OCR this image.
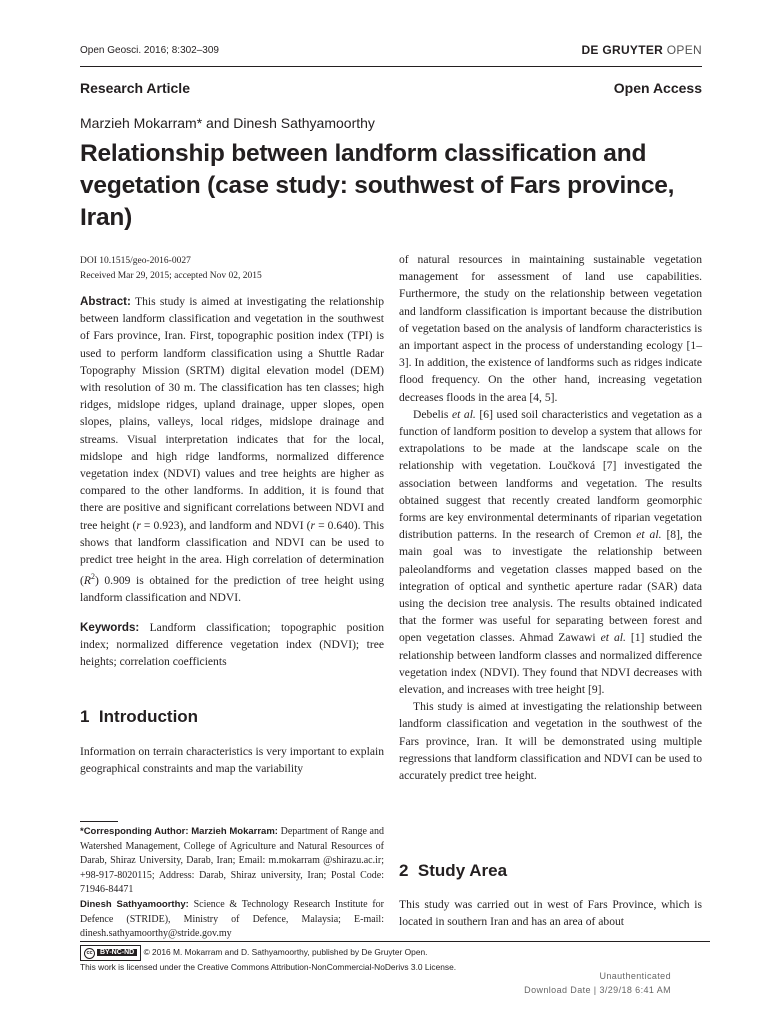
Open Geosci. 2016; 8:302–309	DE GRUYTER OPEN
Research Article	Open Access
Marzieh Mokarram* and Dinesh Sathyamoorthy
Relationship between landform classification and vegetation (case study: southwest of Fars province, Iran)
DOI 10.1515/geo-2016-0027
Received Mar 29, 2015; accepted Nov 02, 2015
Abstract: This study is aimed at investigating the relationship between landform classification and vegetation in the southwest of Fars province, Iran. First, topographic position index (TPI) is used to perform landform classification using a Shuttle Radar Topography Mission (SRTM) digital elevation model (DEM) with resolution of 30 m. The classification has ten classes; high ridges, midslope ridges, upland drainage, upper slopes, open slopes, plains, valleys, local ridges, midslope drainage and streams. Visual interpretation indicates that for the local, midslope and high ridge landforms, normalized difference vegetation index (NDVI) values and tree heights are higher as compared to the other landforms. In addition, it is found that there are positive and significant correlations between NDVI and tree height (r = 0.923), and landform and NDVI (r = 0.640). This shows that landform classification and NDVI can be used to predict tree height in the area. High correlation of determination $(R^2)$ 0.909 is obtained for the prediction of tree height using landform classification and NDVI.
Keywords: Landform classification; topographic position index; normalized difference vegetation index (NDVI); tree heights; correlation coefficients
1 Introduction
Information on terrain characteristics is very important to explain geographical constraints and map the variability
*Corresponding Author: Marzieh Mokarram: Department of Range and Watershed Management, College of Agriculture and Natural Resources of Darab, Shiraz University, Darab, Iran; Email: m.mokarram @shirazu.ac.ir; +98-917-8020115; Address: Darab, Shiraz university, Iran; Postal Code: 71946-84471
Dinesh Sathyamoorthy: Science & Technology Research Institute for Defence (STRIDE), Ministry of Defence, Malaysia; E-mail: dinesh.sathyamoorthy@stride.gov.my
cc BY-NC-ND © 2016 M. Mokarram and D. Sathyamoorthy, published by De Gruyter Open.
This work is licensed under the Creative Commons Attribution-NonCommercial-NoDerivs 3.0 License.

of natural resources in maintaining sustainable vegetation management for assessment of land use capabilities. Furthermore, the study on the relationship between vegetation and landform classification is important because the distribution of vegetation based on the analysis of landform characteristics is an important aspect in the process of understanding ecology [1–3]. In addition, the existence of landforms such as ridges indicate flood frequency. On the other hand, increasing vegetation decreases floods in the area [4, 5].

Debelis et al. [6] used soil characteristics and vegetation as a function of landform position to develop a system that allows for extrapolations to be made at the landscape scale on the relationship with vegetation. Loučková [7] investigated the association between landforms and vegetation. The results obtained suggest that recently created landform geomorphic forms are key environmental determinants of riparian vegetation distribution patterns. In the research of Cremon et al. [8], the main goal was to investigate the relationship between paleolandforms and vegetation classes mapped based on the integration of optical and synthetic aperture radar (SAR) data using the decision tree analysis. The results obtained indicated that the former was useful for separating between forest and open vegetation classes. Ahmad Zawawi et al. [1] studied the relationship between landform classes and normalized difference vegetation index (NDVI). They found that NDVI decreases with elevation, and increases with tree height [9].

This study is aimed at investigating the relationship between landform classification and vegetation in the southwest of the Fars province, Iran. It will be demonstrated using multiple regressions that landform classification and NDVI can be used to accurately predict tree height.

2 Study Area
This study was carried out in west of Fars Province, which is located in southern Iran and has an area of about
Unauthenticated
Download Date | 3/29/18 6:41 AM
